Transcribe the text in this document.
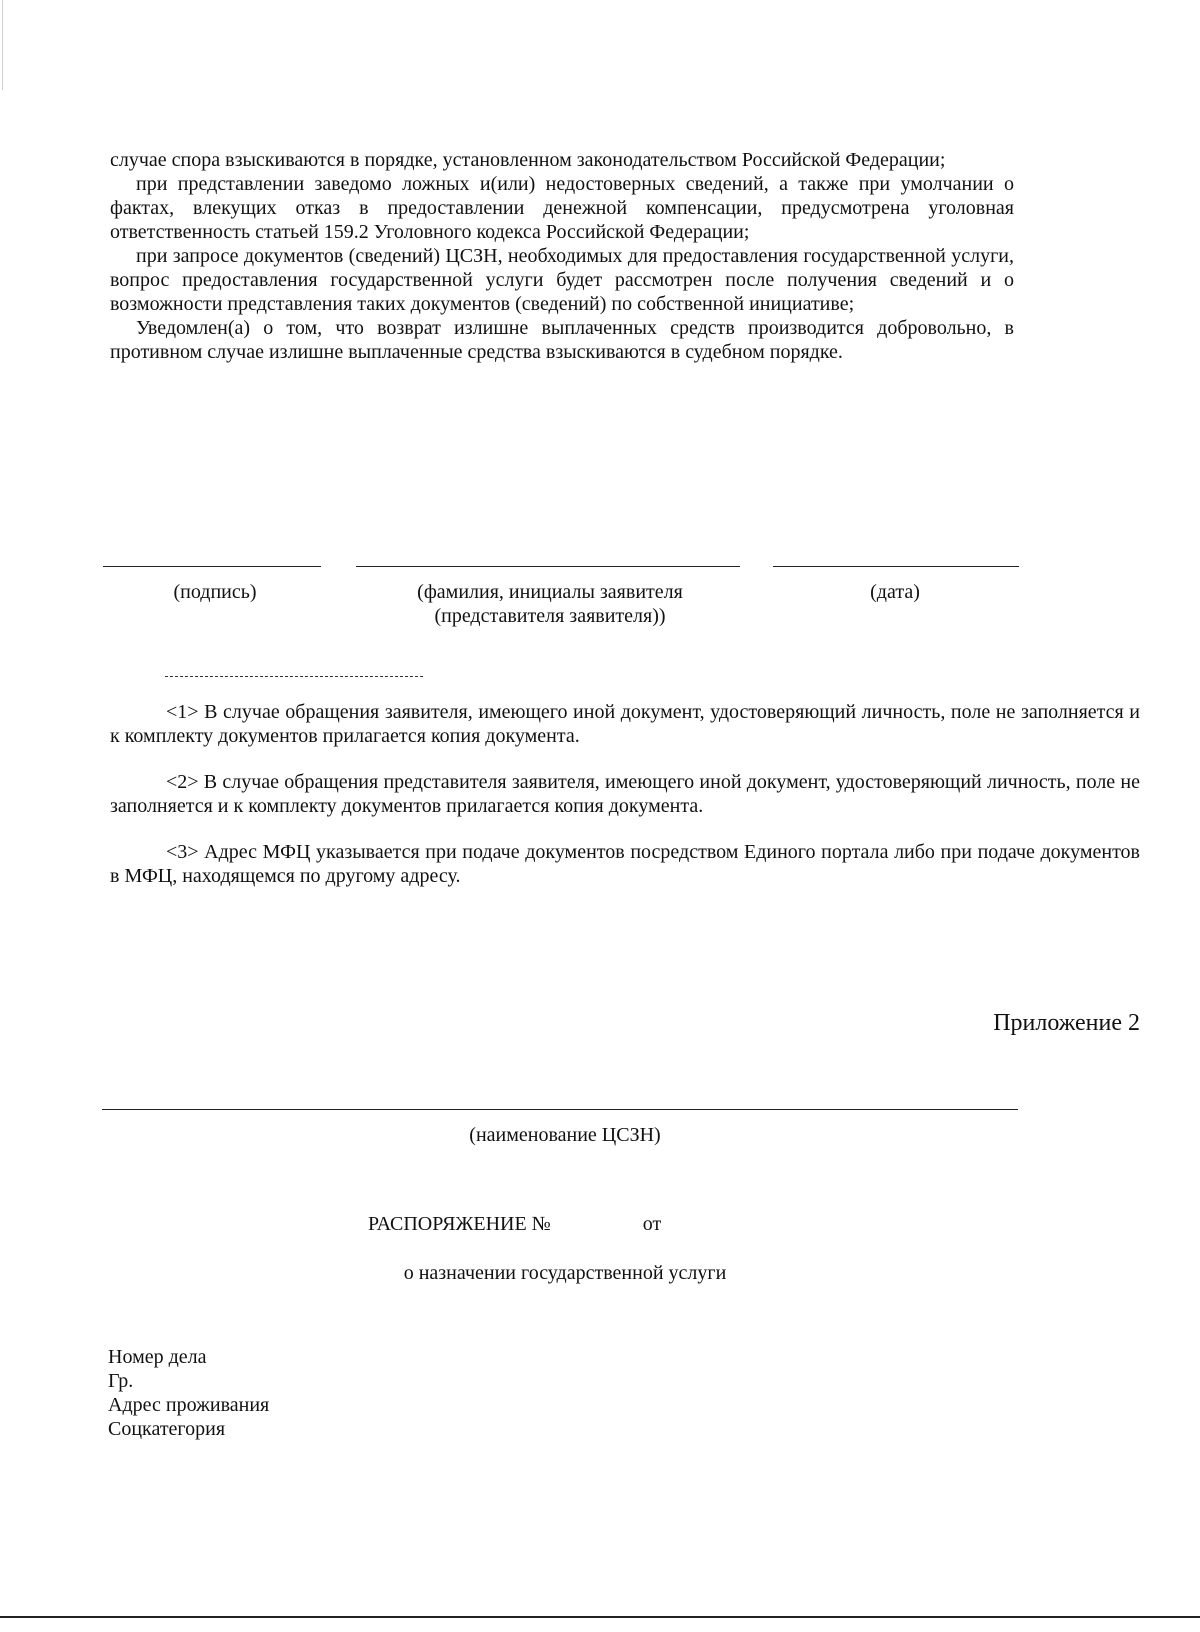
случае спора взыскиваются в порядке, установленном законодательством Российской Федерации;

при представлении заведомо ложных и(или) недостоверных сведений, а также при умолчании о фактах, влекущих отказ в предоставлении денежной компенсации, предусмотрена уголовная ответственность статьей 159.2 Уголовного кодекса Российской Федерации;

при запросе документов (сведений) ЦСЗН, необходимых для предоставления государственной услуги, вопрос предоставления государственной услуги будет рассмотрен после получения сведений и о возможности представления таких документов (сведений) по собственной инициативе;

Уведомлен(а) о том, что возврат излишне выплаченных средств производится добровольно, в противном случае излишне выплаченные средства взыскиваются в судебном порядке.

(подпись)	(фамилия, инициалы заявителя
(представителя заявителя))
(дата)

<1> В случае обращения заявителя, имеющего иной документ, удостоверяющий личность, поле не заполняется и к комплекту документов прилагается копия документа.

<2> В случае обращения представителя заявителя, имеющего иной документ, удостоверяющий личность, поле не заполняется и к комплекту документов прилагается копия документа.

<3> Адрес МФЦ указывается при подаче документов посредством Единого портала либо при подаче документов в МФЦ, находящемся по другому адресу.

Приложение 2
(наименование ЦСЗН)
РАСПОРЯЖЕНИЕ №	от
о назначении государственной услуги
Номер дела
Гр.
Адрес проживания
Соцкатегория
